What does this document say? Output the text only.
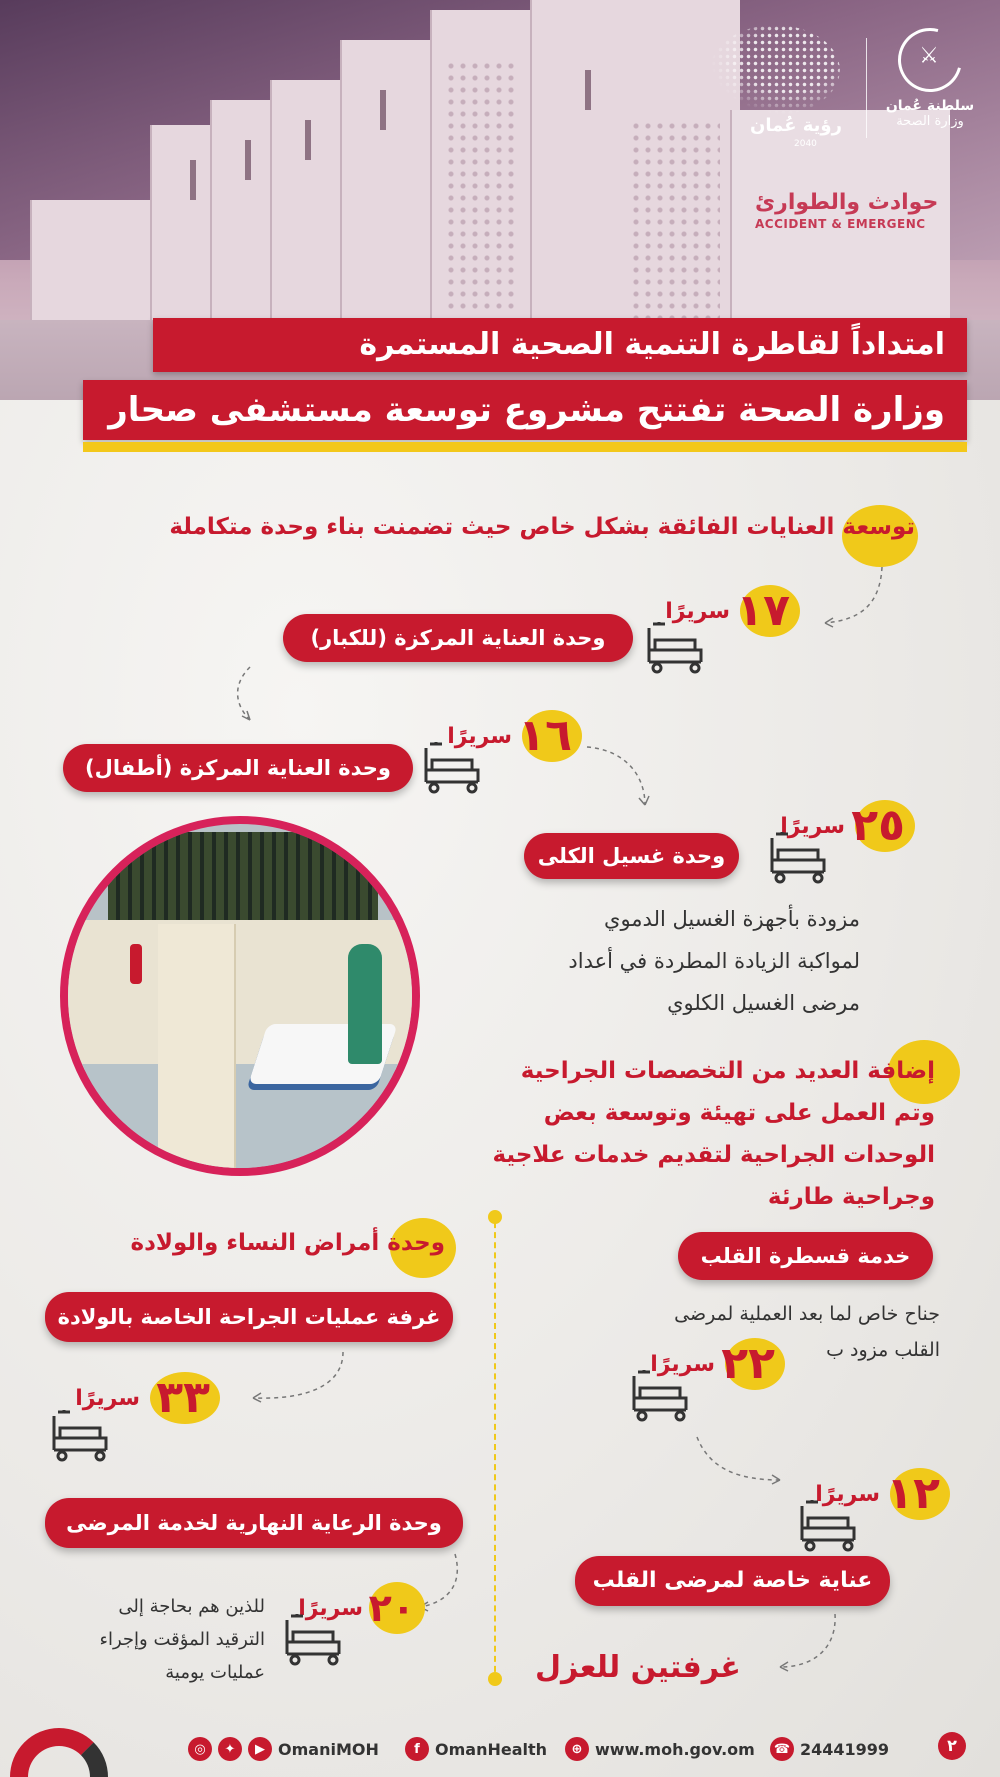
حوادث والطوارئ
ACCIDENT & EMERGENC
رؤية عُمان
2040
⚔
سلطنة عُمان
وزارة الصحة
امتداداً لقاطرة التنمية الصحية المستمرة
وزارة الصحة تفتتح مشروع توسعة مستشفى صحار
توسعة العنايات الفائقة بشكل خاص حيث تضمنت بناء وحدة متكاملة
١٧
سريرًا
وحدة العناية المركزة (للكبار)
١٦
سريرًا
وحدة العناية المركزة (أطفال)
٢٥
سريرًا
وحدة غسيل الكلى
مزودة بأجهزة الغسيل الدموي
لمواكبة الزيادة المطردة في أعداد
مرضى الغسيل الكلوي
إضافة العديد من التخصصات الجراحية
وتم العمل على تهيئة وتوسعة بعض
الوحدات الجراحية لتقديم خدمات علاجية
وجراحية طارئة
خدمة قسطرة القلب
جناح خاص لما بعد العملية لمرضى
القلب مزود ب
٢٢
سريرًا
١٢
سريرًا
عناية خاصة لمرضى القلب
غرفتين للعزل
وحدة أمراض النساء والولادة
غرفة عمليات الجراحة الخاصة بالولادة
٣٣
سريرًا
وحدة الرعاية النهارية لخدمة المرضى
٢٠
سريرًا
للذين هم بحاجة إلى
الترقيد المؤقت وإجراء
عمليات يومية
◎	✦	▶ OmaniMOH	f OmanHealth	⊕ www.moh.gov.om ☎ 24441999	٢
